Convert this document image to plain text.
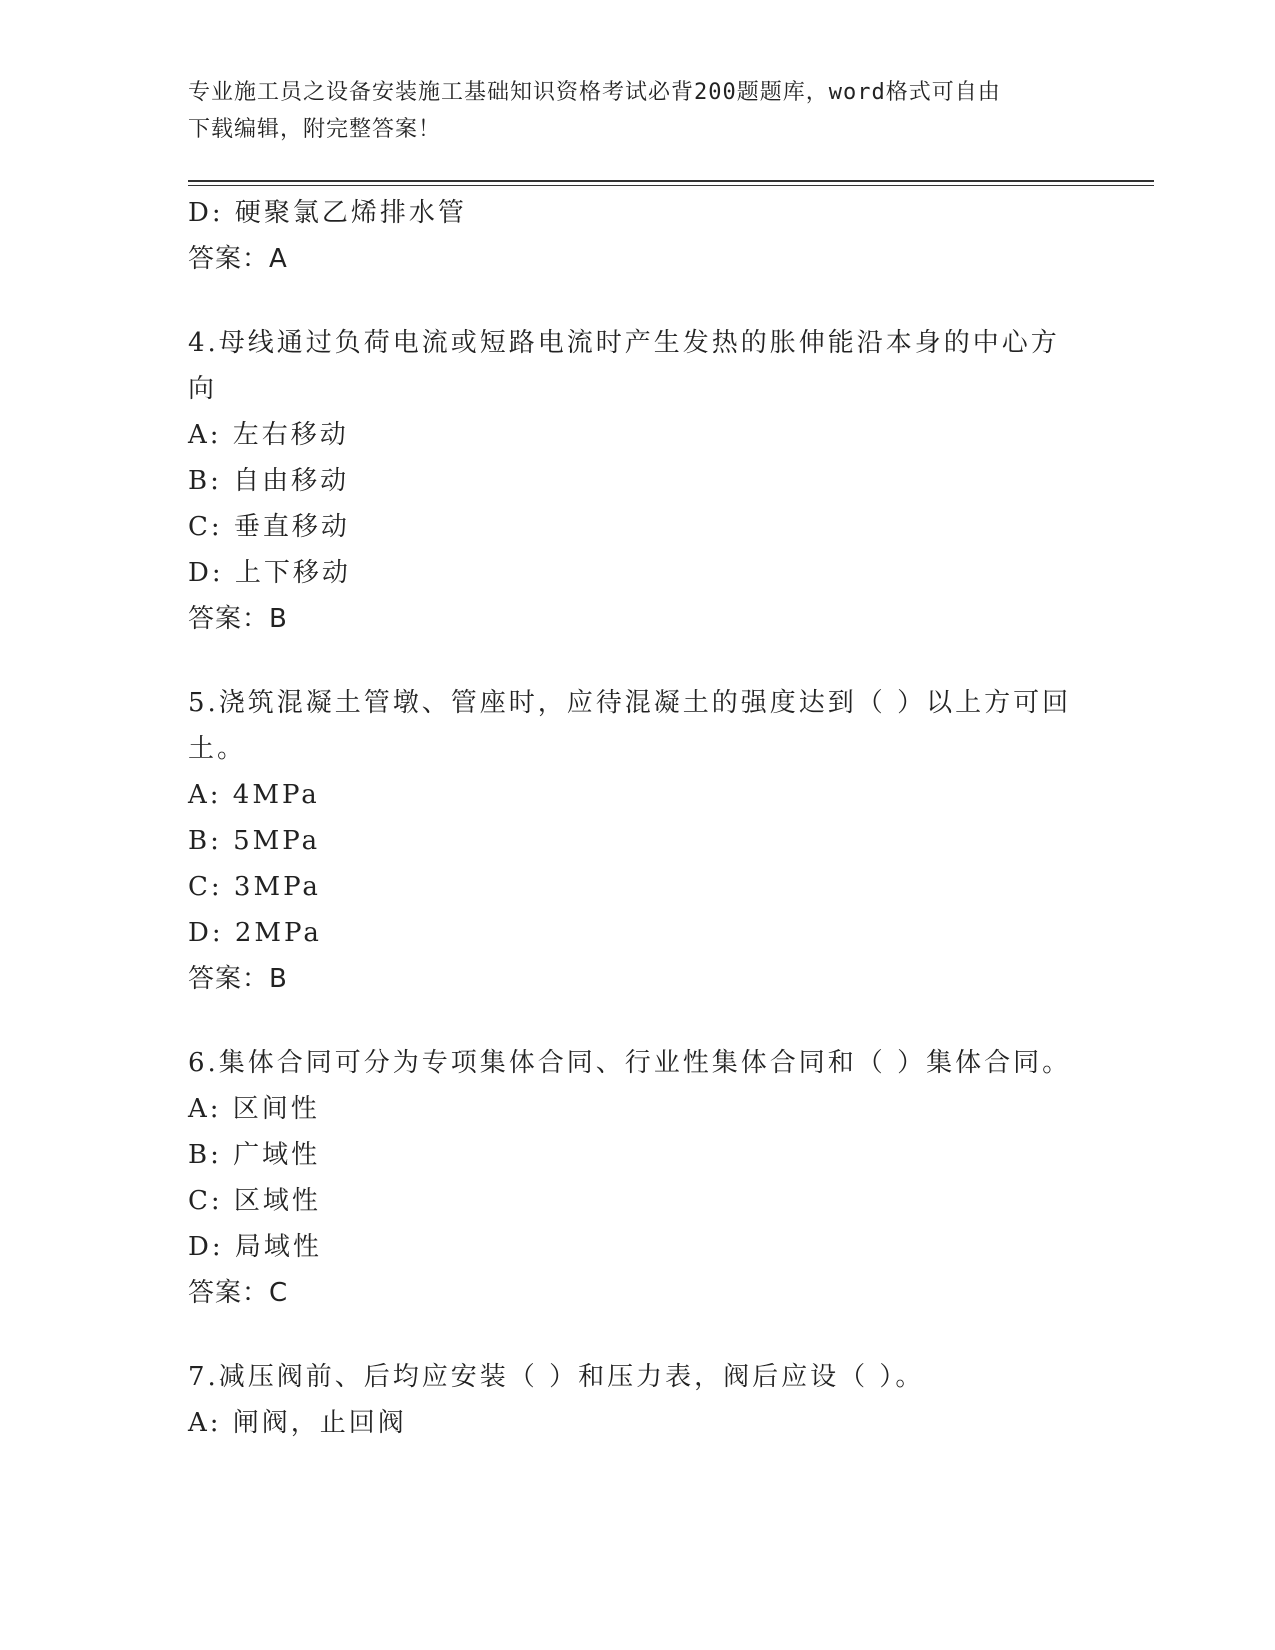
专业施工员之设备安装施工基础知识资格考试必背200题题库，word格式可自由
下载编辑，附完整答案！
D: 硬聚氯乙烯排水管
答案：A
4.母线通过负荷电流或短路电流时产生发热的胀伸能沿本身的中心方
向
A: 左右移动
B: 自由移动
C: 垂直移动
D: 上下移动
答案：B
5.浇筑混凝土管墩、管座时，应待混凝土的强度达到（ ）以上方可回
土。
A: 4MPa
B: 5MPa
C: 3MPa
D: 2MPa
答案：B
6.集体合同可分为专项集体合同、行业性集体合同和（ ）集体合同。
A: 区间性
B: 广域性
C: 区域性
D: 局域性
答案：C
7.减压阀前、后均应安装（ ）和压力表，阀后应设（ ）。
A: 闸阀，止回阀
